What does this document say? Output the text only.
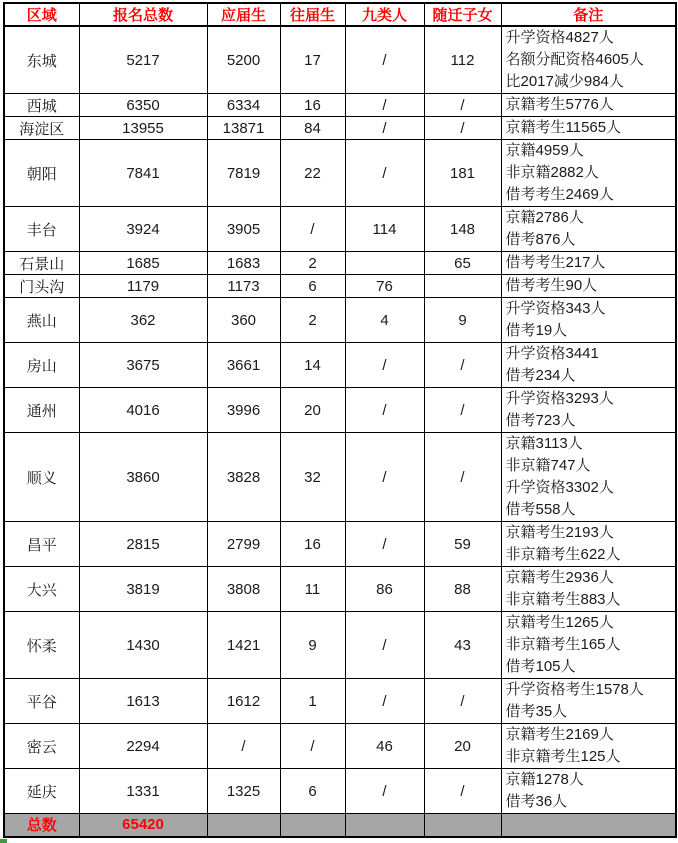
区域	报名总数	应届生	往届生	九类人	随迁子女	备注
东城	5217	5200	17	/	112	升学资格4827人
名额分配资格4605人
比2017减少984人

西城	6350	6334	16	/	/	京籍考生5776人

海淀区	13955	13871	84	/	/	京籍考生11565人

朝阳	7841	7819	22	/	181	京籍4959人
非京籍2882人
借考考生2469人

丰台	3924	3905	/	114	148	京籍2786人
借考876人

石景山	1685	1683	2		65	借考考生217人

门头沟	1179	1173	6	76		借考考生90人

燕山	362	360	2	4	9	升学资格343人
借考19人

房山	3675	3661	14	/	/	升学资格3441
借考234人

通州	4016	3996	20	/	/	升学资格3293人
借考723人

顺义	3860	3828	32	/	/	京籍3113人
非京籍747人
升学资格3302人
借考558人

昌平	2815	2799	16	/	59	京籍考生2193人
非京籍考生622人

大兴	3819	3808	11	86	88	京籍考生2936人
非京籍考生883人

怀柔	1430	1421	9	/	43	京籍考生1265人
非京籍考生165人
借考105人

平谷	1613	1612	1	/	/	升学资格考生1578人
借考35人

密云	2294	/	/	46	20	京籍考生2169人
非京籍考生125人

延庆	1331	1325	6	/	/	京籍1278人
借考36人

总数	65420					
